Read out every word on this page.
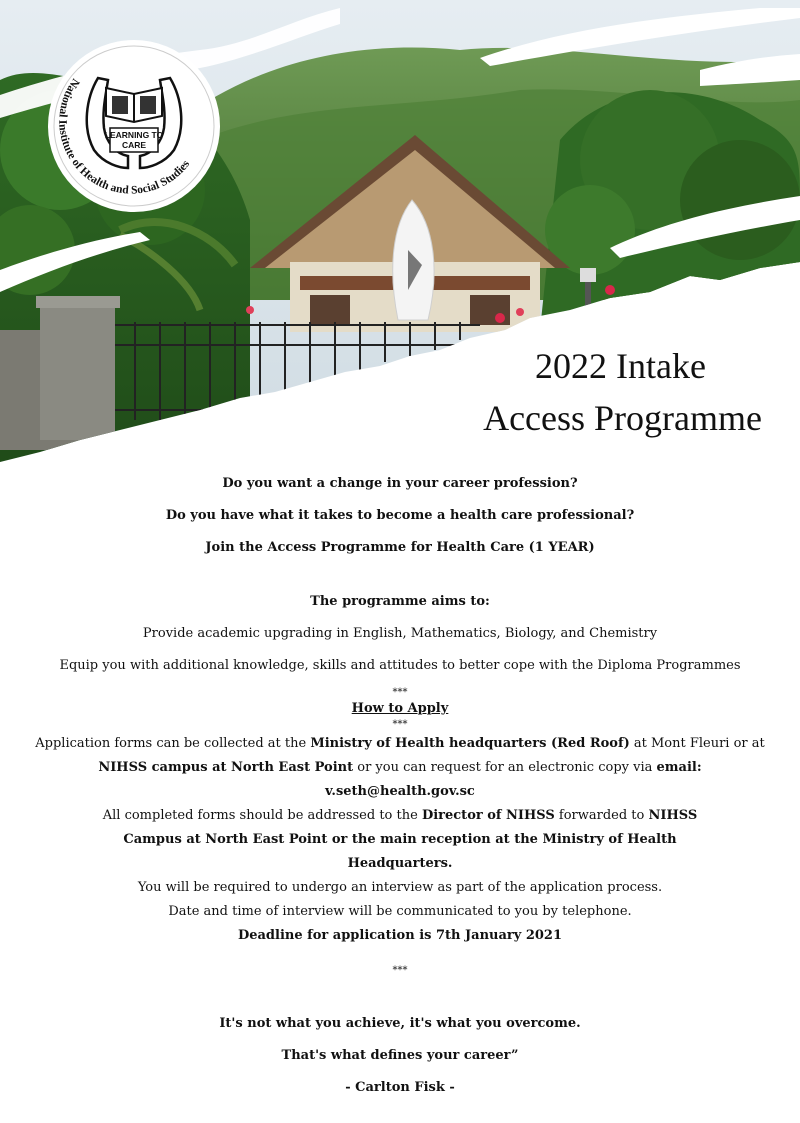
LEARNING TO CARE
National Institute of Health and Social Studies
2022 Intake
Access Programme
Do you want a change in your career profession?
Do you have what it takes to become a health care professional?
Join the Access Programme for Health Care (1 YEAR)
The programme aims to:
Provide academic upgrading in English, Mathematics, Biology, and Chemistry
Equip you with additional knowledge, skills and attitudes to better cope with the Diploma Programmes
***
How to Apply
***
Application forms can be collected at the Ministry of Health headquarters (Red Roof) at Mont Fleuri or at NIHSS campus at North East Point or you can request for an electronic copy via email: v.seth@health.gov.sc
All completed forms should be addressed to the Director of NIHSS forwarded to NIHSS Campus at North East Point or the main reception at the Ministry of Health Headquarters.
You will be required to undergo an interview as part of the application process.
Date and time of interview will be communicated to you by telephone.
Deadline for application is 7th January 2021
***
It's not what you achieve, it's what you overcome.
That's what defines your career”
- Carlton Fisk -
